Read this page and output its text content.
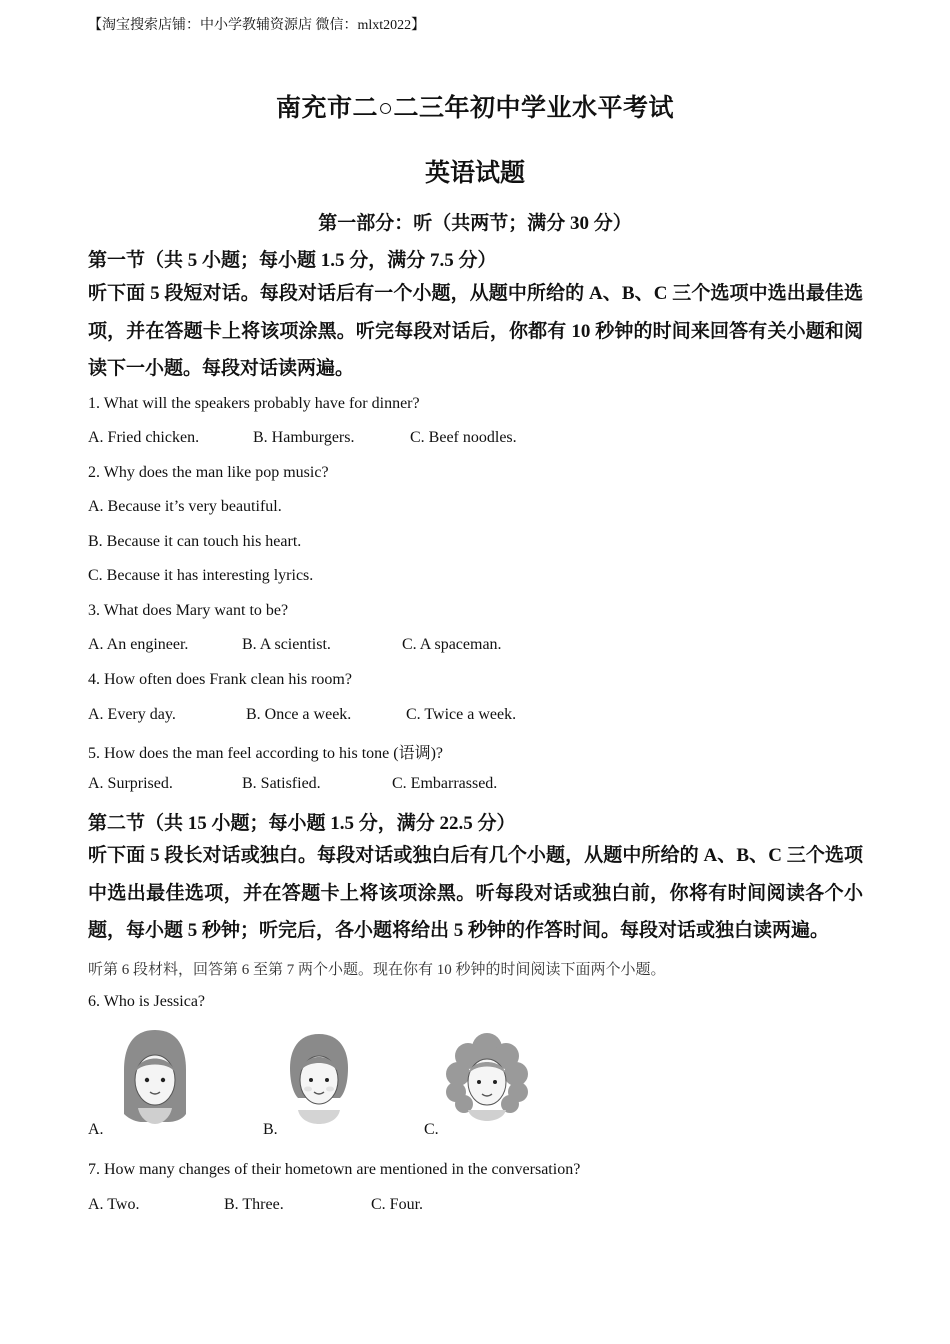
【淘宝搜索店铺：中小学教辅资源店 微信：mlxt2022】
南充市二○二三年初中学业水平考试
英语试题
第一部分：听（共两节；满分 30 分）
第一节（共 5 小题；每小题 1.5 分，满分 7.5 分）
听下面 5 段短对话。每段对话后有一个小题，从题中所给的 A、B、C 三个选项中选出最佳选项，并在答题卡上将该项涂黑。听完每段对话后，你都有 10 秒钟的时间来回答有关小题和阅读下一小题。每段对话读两遍。
1. What will the speakers probably have for dinner?
A. Fried chicken.	B. Hamburgers.	C. Beef noodles.
2. Why does the man like pop music?
A. Because it’s very beautiful.
B. Because it can touch his heart.
C. Because it has interesting lyrics.
3. What does Mary want to be?
A. An engineer.	B. A scientist.	C. A spaceman.
4. How often does Frank clean his room?
A. Every day.	B. Once a week.	C. Twice a week.
5. How does the man feel according to his tone (语调)?
A. Surprised.	B. Satisfied.	C. Embarrassed.
第二节（共 15 小题；每小题 1.5 分，满分 22.5 分）
听下面 5 段长对话或独白。每段对话或独白后有几个小题，从题中所给的 A、B、C 三个选项中选出最佳选项，并在答题卡上将该项涂黑。听每段对话或独白前，你将有时间阅读各个小题，每小题 5 秒钟；听完后，各小题将给出 5 秒钟的作答时间。每段对话或独白读两遍。
听第 6 段材料，回答第 6 至第 7 两个小题。现在你有 10 秒钟的时间阅读下面两个小题。
6. Who is Jessica?
A.	B.	C.
7. How many changes of their hometown are mentioned in the conversation?
A. Two.	B. Three.	C. Four.
